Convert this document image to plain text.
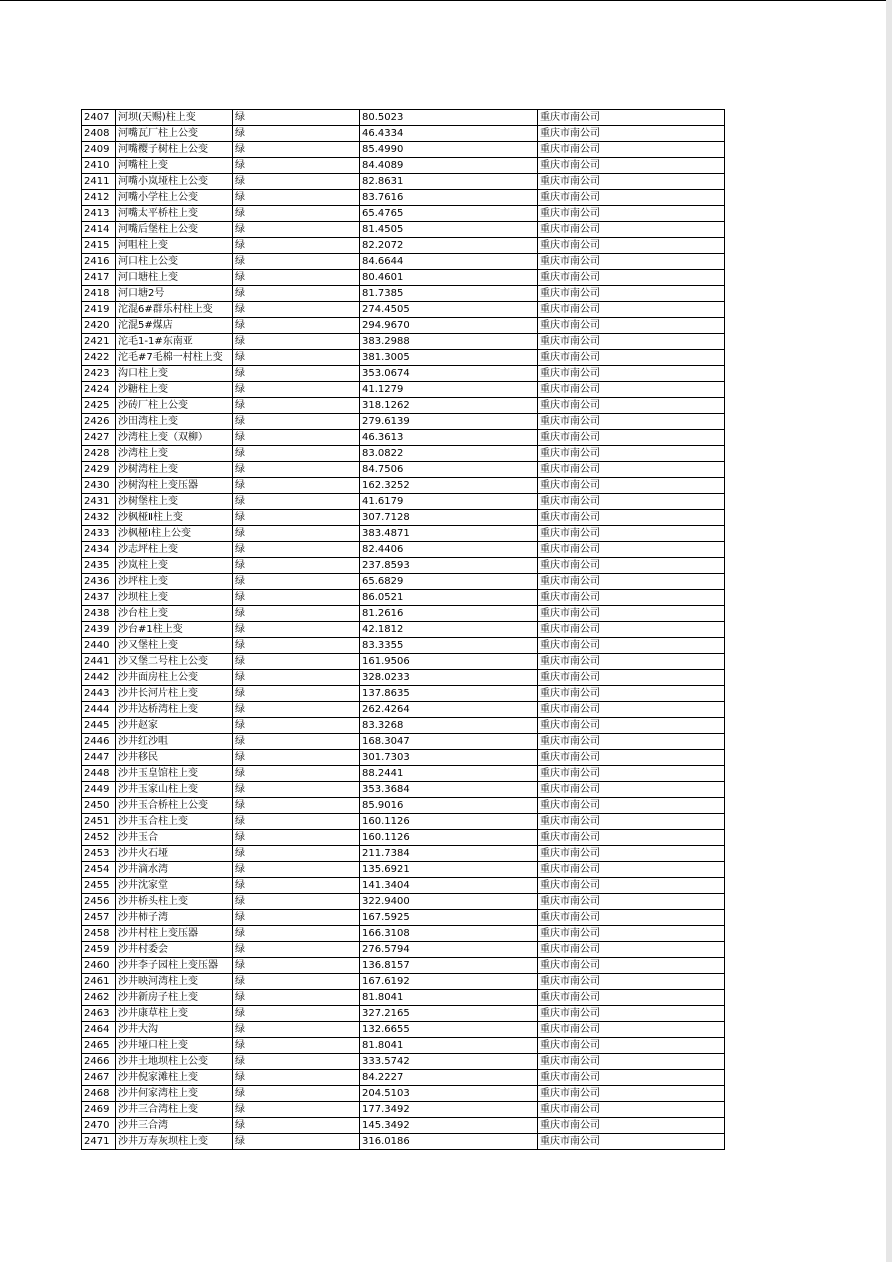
2407	河坝(天赐)柱上变	绿	80.5023	重庆市南公司
2408	河嘴瓦厂柱上公变	绿	46.4334	重庆市南公司
2409	河嘴樱子树柱上公变	绿	85.4990	重庆市南公司
2410	河嘴柱上变	绿	84.4089	重庆市南公司
2411	河嘴小岚垭柱上公变	绿	82.8631	重庆市南公司
2412	河嘴小学柱上公变	绿	83.7616	重庆市南公司
2413	河嘴太平桥柱上变	绿	65.4765	重庆市南公司
2414	河嘴后堡柱上公变	绿	81.4505	重庆市南公司
2415	河咀柱上变	绿	82.2072	重庆市南公司
2416	河口柱上公变	绿	84.6644	重庆市南公司
2417	河口塘柱上变	绿	80.4601	重庆市南公司
2418	河口塘2号	绿	81.7385	重庆市南公司
2419	沱混6#群乐村柱上变	绿	274.4505	重庆市南公司
2420	沱混5#煤店	绿	294.9670	重庆市南公司
2421	沱毛1-1#东南亚	绿	383.2988	重庆市南公司
2422	沱毛#7毛棉一村柱上变	绿	381.3005	重庆市南公司
2423	沟口柱上变	绿	353.0674	重庆市南公司
2424	沙糖柱上变	绿	41.1279	重庆市南公司
2425	沙砖厂柱上公变	绿	318.1262	重庆市南公司
2426	沙田湾柱上变	绿	279.6139	重庆市南公司
2427	沙湾柱上变（双柳）	绿	46.3613	重庆市南公司
2428	沙湾柱上变	绿	83.0822	重庆市南公司
2429	沙树湾柱上变	绿	84.7506	重庆市南公司
2430	沙树沟柱上变压器	绿	162.3252	重庆市南公司
2431	沙树堡柱上变	绿	41.6179	重庆市南公司
2432	沙枫桠Ⅱ柱上变	绿	307.7128	重庆市南公司
2433	沙枫桠Ⅰ柱上公变	绿	383.4871	重庆市南公司
2434	沙志坪柱上变	绿	82.4406	重庆市南公司
2435	沙岚柱上变	绿	237.8593	重庆市南公司
2436	沙坪柱上变	绿	65.6829	重庆市南公司
2437	沙坝柱上变	绿	86.0521	重庆市南公司
2438	沙台柱上变	绿	81.2616	重庆市南公司
2439	沙台#1柱上变	绿	42.1812	重庆市南公司
2440	沙又堡柱上变	绿	83.3355	重庆市南公司
2441	沙又堡二号柱上公变	绿	161.9506	重庆市南公司
2442	沙井面房柱上公变	绿	328.0233	重庆市南公司
2443	沙井长河片柱上变	绿	137.8635	重庆市南公司
2444	沙井达桥湾柱上变	绿	262.4264	重庆市南公司
2445	沙井赵家	绿	83.3268	重庆市南公司
2446	沙井红沙咀	绿	168.3047	重庆市南公司
2447	沙井移民	绿	301.7303	重庆市南公司
2448	沙井玉皇馆柱上变	绿	88.2441	重庆市南公司
2449	沙井玉家山柱上变	绿	353.3684	重庆市南公司
2450	沙井玉合桥柱上公变	绿	85.9016	重庆市南公司
2451	沙井玉合柱上变	绿	160.1126	重庆市南公司
2452	沙井玉合	绿	160.1126	重庆市南公司
2453	沙井火石垭	绿	211.7384	重庆市南公司
2454	沙井滴水湾	绿	135.6921	重庆市南公司
2455	沙井沈家堂	绿	141.3404	重庆市南公司
2456	沙井桥头柱上变	绿	322.9400	重庆市南公司
2457	沙井柿子湾	绿	167.5925	重庆市南公司
2458	沙井村柱上变压器	绿	166.3108	重庆市南公司
2459	沙井村委会	绿	276.5794	重庆市南公司
2460	沙井李子园柱上变压器	绿	136.8157	重庆市南公司
2461	沙井映河湾柱上变	绿	167.6192	重庆市南公司
2462	沙井新房子柱上变	绿	81.8041	重庆市南公司
2463	沙井康草柱上变	绿	327.2165	重庆市南公司
2464	沙井大沟	绿	132.6655	重庆市南公司
2465	沙井垭口柱上变	绿	81.8041	重庆市南公司
2466	沙井土地坝柱上公变	绿	333.5742	重庆市南公司
2467	沙井倪家滩柱上变	绿	84.2227	重庆市南公司
2468	沙井何家湾柱上变	绿	204.5103	重庆市南公司
2469	沙井三合湾柱上变	绿	177.3492	重庆市南公司
2470	沙井三合湾	绿	145.3492	重庆市南公司
2471	沙井万寿灰坝柱上变	绿	316.0186	重庆市南公司
